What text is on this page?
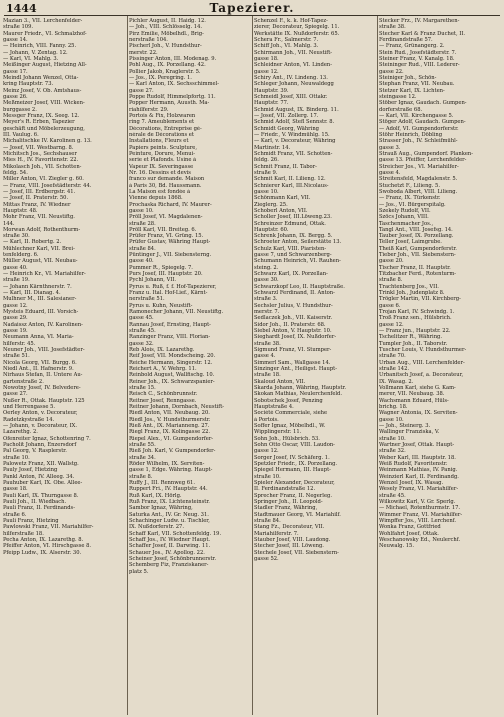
1444	Tapezierer.
Mazian 3., VII. Lerchenfelder-
straße 109.
Maurer Friedr., VI. Schmalzhof-
gasse 14.
— Heinrich, VIII. Fanny. 25.
— Johann, V. Zentag. 12.
— Karl, VI. Mahlg. 3.
Meißinger August, Hietzing All-
gasse 17.
Meindl Johann Wenzel, Otta-
kring Hauptstr. 73.
Meinz Josef, V. Ob. Amtshaus-
gasse 26.
Meßmeizer Josef, VIII. Wicken-
burggasse 2.
Messger Franz, IX. Seeg. 12.
Meyer's R. Erben, Tapezier
geschäft und Möbelerzeugung,
III. Vaulug. 6.
Michalitschke IV. Karolinen g. 13.
— Josef, VII. Westbarng. 8.
Michitsch Jos., Sechshauser
Mies H., IV. Favoritenstr. 22.
Mikolasch Joh., VII. Schotten-
feldg. 54.
Miller Anton, VI. Ziegler g. 60.
— Franz, VIII. Josefstädterstr. 44.
— Josef, III. Erdbergstr. 41.
— Josef, II. Praterstr. 50.
Mittas Franz, IV. Wiedner
Hauptstr. 48.
Mohr Franz, VII. Neustiftg.
144.
Morwan Adolf, Rothenthurm-
straße 30.
— Karl, II. Robertg. 2.
Mühlechner Karl, VII. Brei-
tenfelderg. 6.
Müller August, VII. Neubau-
gasse 40.
— Heinrich Kr., VI. Mariahilfer-
straße 19.
— Johann Kärnthnerstr. 7.
— Karl, III. Dianag. 4.
Mulhner M., III. Salesianer-
gasse 12.
Mysteis Eduard, III. Vorsich-
gasse 29.
Nadaissz Anton, IV. Karolinen-
gasse 19.
Neumann Anna, VI. Maria-
hilferstr. 45.
Neuner Joh., VIII. Josefstädter-
straße 51.
Nicola Georg, VII. Burgg. 6.
Niedl Ant., II. Hafnerstr. 9.
Nirhaus Stefan, II. Untere Au-
gartenstraße 2.
Nowotny Josef, IV. Belvedere-
gasse 27.
Nußer R., Ottak. Hauptstr. 125
und Herrengasse 5.
Oerley Anton, v. Decorateur,
Radetzkystraße 14.
— Johann, v. Decorateur, IX.
Lazarethg. 2.
Ofenreiter Ignaz, Schottenring 7.
Pacholit Johann, Enzersdorf
Pal Georg, V. Rasplerstr.
straße 10.
Palowetz Franz, XII. Wallstg.
Pauly Josef, Hietzing
Pankl Anton, IV. Alleeg. 34.
Pauhuber Karl, IX. Obe. Allee-
gasse 18.
Pauli Karl, IX. Thurngasse 8.
Pauli Joh., II. Wiedbach.
Pauli Franz, II. Ferdinands-
straße 6.
Pauli Franz, Hietzing
Pawlowski Franz, VII. Mariahilfer-
hilferstraße 18.
Pecha Anton, IX. Lazarethg. 8.
Pfeiffer Anton, VI. Hirschgasse 8.
Pfeipp Ludw., IX. Alserstr. 30.
Pichler August, II. Haidg. 12.
— Joh., VIII. Schlösselg. 14.
Pirz Emilie, Möbelhdl., Brig-
nerstraße 104.
Pischerl Joh., V. Hundsthur-
merstr. 22.
Pissinger Anton, III. Modenag. 9.
Pohl Aug., IX. Porzellang. 42.
Pollier Jakob, Kraglerstr. 5.
— Jos., IX. Peregring. 1.
— Karl Anton, IX. Sechsschimmel-
gasse 27.
Poppe Rudolf, Himmelpfortg. 11.
Popper Hermann, Auusth. Ma-
riahilferstr. 29.
Portois & Fix, Holzwaren
ring 7. Ameublements et
Décorations, Entreprise gé-
nérale de Décorations et
Installations, Fleurs et
Papiers peints. Sculpture,
Peinture, Dorure, Menui-
serie et Plafonds. Usine à
Vapeur IX. Severingasse
Nr. 16. Dessins et devis
franco sur demande. Maison
à Paris 30, Bd. Haussmann.
La Maison est fondée à
Vienne depuis 1868.
Prochaska Richard, IV. Maurer-
gasse 10.
Pröll Josef, VI. Magdalenen-
straße 28.
Pröll Karl, VII. Breiteg. 6.
Prüfer Franz, VI. Grüng. 15.
Prüfer Gustav, Währing Haupt-
straße 84.
Püntinger J., VII. Siebensterng.
gasse 40.
Pummer R., Spiegelg. 7.
Purs Josef, III. Hauptstr. 20.
Pychl Johann, VII.
Pyrus u. Ruß, f. f. Hof-Tapezierer,
Franz u. Ital. Hof-Lief., Kärnt-
nerstraße 51.
Pyrus u. Kuhn, Neustift-
Ramonecher Johann, VII. Neustiftg.
gasse 45.
Rannau Josef, Ernsting, Haupt-
straße 45.
Ranzinger Franz, VIII. Florian-
gasse 32.
Reb Alois, IX. Lazarethg.
Reif Josef, VII. Mondscheing. 20.
Reiche Hermann, Singerstr. 12.
Reichert A., V. Wehrg. 11.
Reinbold August, Wallfischg. 10.
Reiner Joh., IX. Schwarzspanier-
straße 15.
Reisch C., Schönbrunnstr.
Reitner Josef, Renngasse.
Reitner Johann, Dornbach, Neustift-
Riedl Anton, VII. Neubaug. 20.
Riedl Jos., V. Hundsthurmerstr.
Rieß Ant., IX. Marianneng. 27.
Riegl Franz, IX. Kolingasse 22.
Riepel Alex., VI. Gumpendorfer-
straße 55.
Rieß Joh. Karl, V. Gumpendorfer-
straße 34.
Röder Wilhelm, IX. Serviten-
gasse 1, Edge. Währing. Haupt-
straße 8.
Ruffy J., III. Rennweg 61.
Ruppert Fri., IV. Hauptstr. 44.
Ruß Karl, IX. Hörlg.
Ruß Franz, IX. Lichtensteinstr.
Sambor Ignaz, Währing,
Saturka Ant., IV. Gr. Neug. 31.
Schachinger Ludw. u. Tischler,
IX. Nußdorferstr. 27.
Schaff Karl, VII. Schottenfeldg. 19.
Schaff Jos., IV. Wiedner Haupt.
Schaffer Josef, II. Darwing. 11.
Schauer Jos., IV. Apollog. 22.
Scheiner Josef, Schönbrunnerstr.
Schemberg Fiz, Franziskaner-
platz 5.
Schenzel F., k. k. Hof-Tapez-
zierer, Decorateur, Spiegelg. 11.
Werkstätte IX. Nußdorferstr. 65.
Schera Fr., Salmerstr. 7.
Schiff Joh., VI. Mahlg. 3.
Schirmann Joh., VII. Neustift-
gasse 18.
Schleidner Anton, VI. Linden-
gasse 12.
Schiry Ant., IV. Lindeng. 13.
Schleger Johann, Neuwaldegg
Hauptstr. 39.
Schmeidl Josef, XIII. Ottakr.
Hauptstr. 77.
Schmid August, IX. Binderg. 11.
— Josef, VII. Zollerg. 17.
Schmid Adolf, Stefl Sennstr. 8.
Schmidt Georg, Währing
— Friedr., V. Windmühlg. 15.
— Karl, v. Decorateur, Währing
Martinstr. 14.
Schmidt Franz, VII. Schotten-
feldg. 26.
Schmit Franz, II. Tabor-
straße 9.
Schmit Karl, II. Lilieng. 12.
Schnierer Karl, III.Nicolaus-
gasse 10.
Schönmann Karl, VII.
Zieglerg. 25.
Schoberl Anton, VII.
Scholler Josef, III.Löweng.23.
Schreinzer Edmund, Ottak.
Hauptstr. 60.
Schrenk Johann, IX. Bergg. 5.
Schroeter Anton, Seilerstätte 13.
Schulz Karl, VIII. Piaristen-
gasse 7, und Schwarzenberg-
Schumann Heinrich, VI. Rauhen-
steing. 2.
Schwarz Karl, IX. Porzellan-
gasse 30.
Schwarzkopf Leo, II. Hauptstraße.
Schwarzl Ferdinand, II. Anton-
straße 3.
Sechsler Julius, V. Hundsthur-
merstr. 7.
Sedlaczek Joh., VII. Kaiserstr.
Sidor Joh., II. Praterstr. 68.
Siebel Anton, V. Hauptstr. 10.
Sieghardt Josef, IX. Nußdorfer-
straße 38.
Sigmund Franz, VI. Stumper-
gasse 4.
Simmerl Sam., Wallgasse 14.
Sinzinger Ant., Heiligst. Haupt-
straße 18.
Skaloud Anton, VII.
Skarda Johann, Währing, Hauptstr.
Skokan Mathias, Neulerchenfeld.
Sobotschek Josef, Penzing
Hauptstraße 4.
Société Commerciale, siehe
à Portois.
Soffer Ignaz, Möbelhdl., W.
Wipplingerstr. 11.
Sohn Joh., Hülsbrich. 53.
Sohn Otto Oscar, VIII. Laudon-
gasse 12.
Sorger Josef, IV. Schäferg. 1.
Spetzler Friedr., IX. Porzellang.
Spiegel Hermann, III. Haupt-
straße 10.
Spieler Alexander, Decorateur,
II. Ferdinandstraße 12.
Sprecher Franz, II. Negerleg.
Springer Joh., II. Leopold-
Stadler Franz, Währing,
Stadtmauer Georg, VI. Mariahilf.
straße 84.
Stang Fz., Decorateur, VII.
Mariahilferstr. 7.
Stauber Josef, VIII. Laudong.
Stecher Josef, III. Löweng.
Stechele Josef, VII. Siebenstern-
gasse 52.
Stecker Frz., IV. Margarethen-
straße 38.
Stecher Karl & Franz Duchet, II.
Ferdinandstraße 57.
— Franz, Grünangerg. 2.
Stein Rud., Josefstädterstr. 7.
Steiner Franz, V. Kanalg. 18.
Steininger Rud., VIII. Lederer-
gasse 22.
Steiniger Joh., Schön-
Stephan Franz, VII. Neubau.
Stetzer Karl, IX. Lichten-
steingasse 12.
Stöber Ignaz, Gaudach. Gumpen-
dorferstraße 68.
— Karl, VII. Kirchengasse 5.
Stöger Adolf, Gaudach. Gumpen-
— Adolf, VI. Gumpendorferstr.
Stöhr Heinrich, Döbling
Strasser Joh., IV. Schleifmühl-
gasse 3.
Strauß Aug., Gumpendorf. Planken-
gasse 13. Pfeiffer, Lerchenfelder-
Streicher Jos., VI. Mariahilfer-
gasse 4.
Streitensfeld, Magdalenstr. 5.
Stuchetzt F., Lilieng. 5.
Swoboda Albert, VIII. Lilieng.
— Franz, IX. Türkenstr.
— Jos., VI. Bürgerspitalg.
Szekely Rudolf, VII.
Szöcs Johann, VIII.
Taschenmacher Jos.,
Tangl Ant., VIII. Josefsg. 14.
Tauber Josef, IX. Porzellang.
Teller Josef, Laimgrube.
Theiß Karl, Gumpendorferstr.
Tieber Joh., VII. Siebenstern-
gasse 20.
Tischer Franz, II. Hauptstr.
Titzbacher Ferd., Rotenturm-
straße 8.
Trachtenberg Jos., VII.
Trinkl Joh., Judenplatz 8.
Trögler Martin, VII. Kirchberg-
gasse 6.
Trojan Karl, IV. Schwindg. 1.
Troß Franz sen., Hülsbrich.
gasse 12.
— Franz jun., Hauptstr. 22.
Tschelitzer R., Währing.
Tumpler Joh., II. Taborstr.
Tuscher Louis, V. Hundsthurmer-
straße 70.
Urban Aug., VIII. Lerchenfelder-
straße 142.
Urbanitsch Josef, a. Decorateur,
IX. Wasag. 2.
Vollmann Karl, siehe G. Kam-
merer, VII. Neubaug. 38.
Wachsmann Eduard, Hüls-
brichg. 18.
Wagner Antonia, IX. Serviten-
gasse 10.
— Joh., Steinerg. 3.
Wallinger Franziska, V.
straße 10.
Wartner Josef, Ottak. Haupt-
straße 32.
Weber Karl, III. Hauptstr. 18.
Weiß Rudolf, Favoritenstr.
Weinmann Mathias, IV. Panig.
Weinzierl Karl, II. Ferdinandg.
Wenzel Josef, IX. Wasag.
Wesely Franz, VI. Mariahilfer-
straße 45.
Wilkowitz Karl, V. Gr. Sperlg.
— Michael, Rotenthurmstr. 17.
Wimmer Franz, VI. Mariahilfer-
Wimpffer Jos., VIII. Lerchenf.
Wonka Franz, Gottfried
Wohlfahrt Josef, Ottak.
Weschanowsky Ed., Neulerchf.
Neuwalg. 15.
